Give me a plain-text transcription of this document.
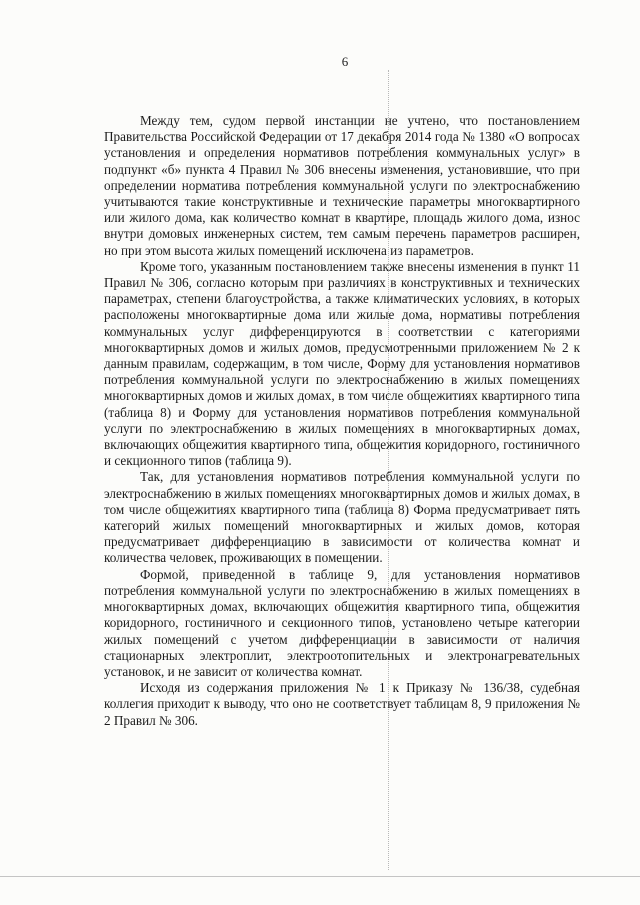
6

Между тем, судом первой инстанции не учтено, что постановлением Правительства Российской Федерации от 17 декабря 2014 года № 1380 «О вопросах установления и определения нормативов потребления коммунальных услуг» в подпункт «б» пункта 4 Правил № 306 внесены изменения, установившие, что при определении норматива потребления коммунальной услуги по электроснабжению учитываются такие конструктивные и технические параметры многоквартирного или жилого дома, как количество комнат в квартире, площадь жилого дома, износ внутри домовых инженерных систем, тем самым перечень параметров расширен, но при этом высота жилых помещений исключена из параметров.

Кроме того, указанным постановлением также внесены изменения в пункт 11 Правил № 306, согласно которым при различиях в конструктивных и технических параметрах, степени благоустройства, а также климатических условиях, в которых расположены многоквартирные дома или жилые дома, нормативы потребления коммунальных услуг дифференцируются в соответствии с категориями многоквартирных домов и жилых домов, предусмотренными приложением № 2 к данным правилам, содержащим, в том числе, Форму для установления нормативов потребления коммунальной услуги по электроснабжению в жилых помещениях многоквартирных домов и жилых домах, в том числе общежитиях квартирного типа (таблица 8) и Форму для установления нормативов потребления коммунальной услуги по электроснабжению в жилых помещениях в многоквартирных домах, включающих общежития квартирного типа, общежития коридорного, гостиничного и секционного типов (таблица 9).

Так, для установления нормативов потребления коммунальной услуги по электроснабжению в жилых помещениях многоквартирных домов и жилых домах, в том числе общежитиях квартирного типа (таблица 8) Форма предусматривает пять категорий жилых помещений многоквартирных и жилых домов, которая предусматривает дифференциацию в зависимости от количества комнат и количества человек, проживающих в помещении.

Формой, приведенной в таблице 9, для установления нормативов потребления коммунальной услуги по электроснабжению в жилых помещениях в многоквартирных домах, включающих общежития квартирного типа, общежития коридорного, гостиничного и секционного типов, установлено четыре категории жилых помещений с учетом дифференциации в зависимости от наличия стационарных электроплит, электроотопительных и электронагревательных установок, и не зависит от количества комнат.

Исходя из содержания приложения № 1 к Приказу № 136/38, судебная коллегия приходит к выводу, что оно не соответствует таблицам 8, 9 приложения № 2 Правил № 306.
